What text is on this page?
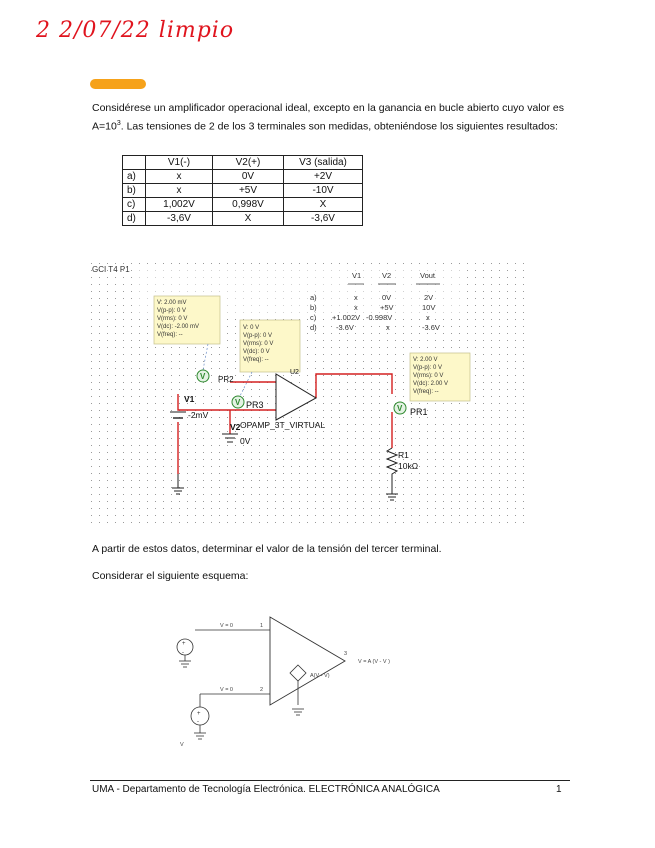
2 2/07/22 limpio

Considérese un amplificador operacional ideal, excepto en la ganancia en bucle abierto cuyo valor es $A=10^3$. Las tensiones de 2 de los 3 terminales son medidas, obteniéndose los siguientes resultados:

	V1(-)	V2(+)	V3 (salida)
a)	x	0V	+2V
b)	x	+5V	-10V
c)	1,002V	0,998V	X
d)	-3,6V	X	-3,6V
GCI T4 P1
V1	V2	Vout
a)	x	0V	2V
b)	x	+5V	10V
c) +1.002V -0.998V	x
d)	-3.6V	x	-3.6V
V: 2.00 mV
V(p-p): 0 V
V(rms): 0 V
V(dc): -2.00 mV
V(freq): --
V: 0 V
V(p-p): 0 V
V(rms): 0 V
V(dc): 0 V
V(freq): --	V: 2.00 V
V(p-p): 0 V
V(rms): 0 V
V(dc): 2.00 V
V(freq): --
V
V
V
PR2
PR3
PR1
U2
V1
-2mV
V2
0V
OPAMP_3T_VIRTUAL
R1
10kΩ
A partir de estos datos, determinar el valor de la tensión del tercer terminal.
Considerar el siguiente esquema:
+
-
+
-
V = 0
V = 0
1
2
3
V = A (V - V )
A(V - V)
V
UMA - Departamento de Tecnología Electrónica. ELECTRÓNICA ANALÓGICA	1
